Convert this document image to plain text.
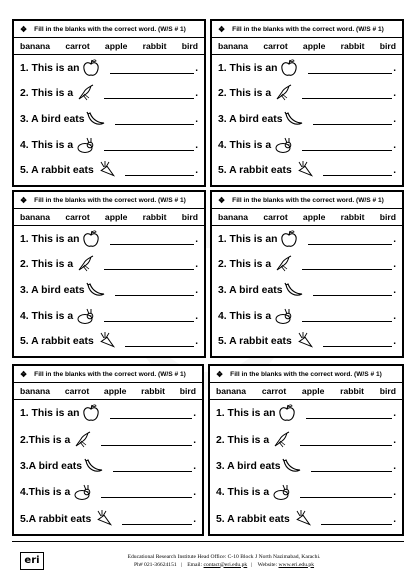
❖ Fill in the blanks with the correct word. (W/S # 1)
banana carrot apple rabbit bird
1. This is an	.
2. This is a	.
3. A bird eats	.
4. This is a	.
5. A rabbit eats	.
❖ Fill in the blanks with the correct word. (W/S # 1)
banana carrot apple rabbit bird
1. This is an	.
2. This is a	.
3. A bird eats	.
4. This is a	.
5. A rabbit eats	.
❖ Fill in the blanks with the correct word. (W/S # 1)
banana carrot apple rabbit bird
1. This is an	.
2. This is a	.
3. A bird eats	.
4. This is a	.
5. A rabbit eats	.
❖ Fill in the blanks with the correct word. (W/S # 1)
banana carrot apple rabbit bird
1. This is an	.
2. This is a	.
3. A bird eats	.
4. This is a	.
5. A rabbit eats	.
❖ Fill in the blanks with the correct word. (W/S # 1)
banana carrot apple rabbit bird
1. This is an	.
2.This is a	.
3.A bird eats	.
4.This is a	.
5.A rabbit eats	.
❖ Fill in the blanks with the correct word. (W/S # 1)
banana carrot apple rabbit bird
1. This is an	.
2. This is a	.
3. A bird eats	.
4. This is a	.
5. A rabbit eats	.
eri	Educational Research Institute Head Office: C-10 Block J North Nazimabad, Karachi.
Ph# 021-36624151 | Email: contact@eri.edu.pk | Website: www.eri.edu.pk
